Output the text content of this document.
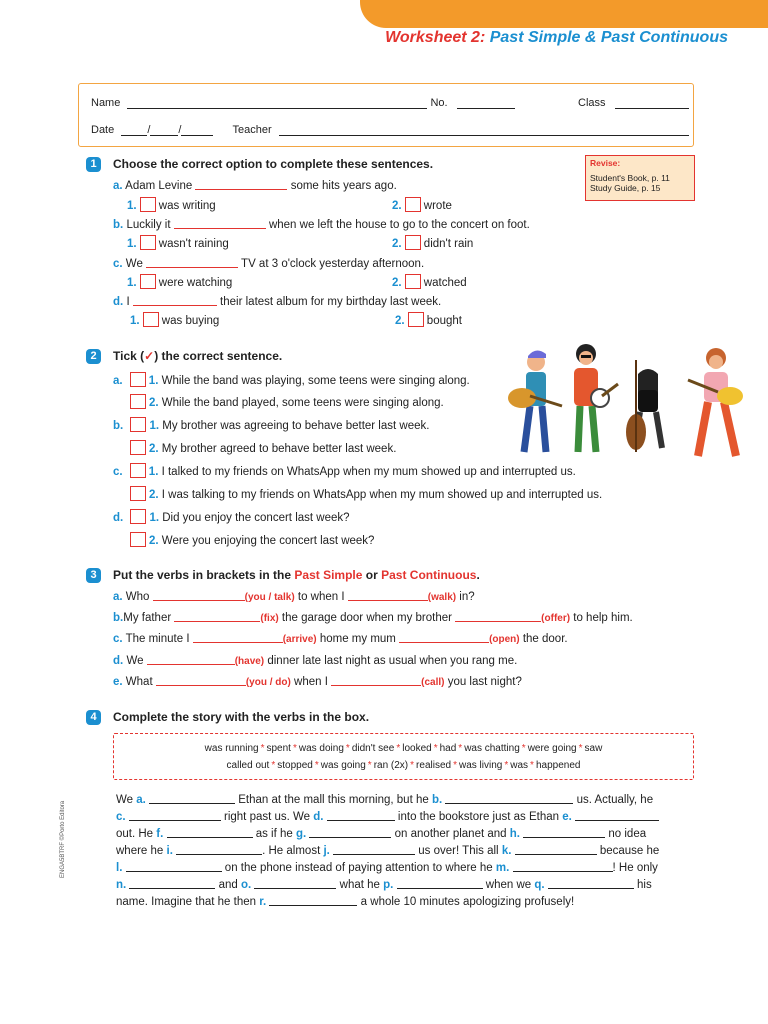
Worksheet 2: Past Simple & Past Continuous
Name	No.	Class
Date	/	/	Teacher
Revise:
Student's Book, p. 11
Study Guide, p. 15
1	Choose the correct option to complete these sentences.
a. Adam Levine	some hits years ago.
1. was writing	2. wrote
b. Luckily it	when we left the house to go to the concert on foot.
1. wasn't raining	2. didn't rain
c. We	TV at 3 o'clock yesterday afternoon.
1. were watching	2. watched
d. I	their latest album for my birthday last week.
1. was buying	2. bought
2	Tick (✓) the correct sentence.
a. 1. While the band was playing, some teens were singing along.
2. While the band played, some teens were singing along.
b. 1. My brother was agreeing to behave better last week.
2. My brother agreed to behave better last week.
c. 1. I talked to my friends on WhatsApp when my mum showed up and interrupted us.
2. I was talking to my friends on WhatsApp when my mum showed up and interrupted us.
d. 1. Did you enjoy the concert last week?
2. Were you enjoying the concert last week?
3	Put the verbs in brackets in the Past Simple or Past Continuous.
a. Who	(you / talk) to when I	(walk) in?
b.My father	(fix) the garage door when my brother	(offer) to help him.
c. The minute I	(arrive) home my mum	(open) the door.
d. We	(have) dinner late last night as usual when you rang me.
e. What	(you / do) when I	(call) you last night?
4	Complete the story with the verbs in the box.
was running * spent * was doing * didn't see * looked * had * was chatting * were going * saw
called out * stopped * was going * ran (2x) * realised * was living * was * happened
We a.	Ethan at the mall this morning, but he b.	us. Actually, he
c.	right past us. We d.	into the bookstore just as Ethan e.
out. He f.	as if he g.	on another planet and h.	no idea
where he i.	. He almost j.	us over! This all k.	because he
l.	on the phone instead of paying attention to where he m.	! He only
n.	and o.	what he p.	when we q.	his
name. Imagine that he then r.	a whole 10 minutes apologizing profusely!
ENGA5BTRF ©Porto Editora
